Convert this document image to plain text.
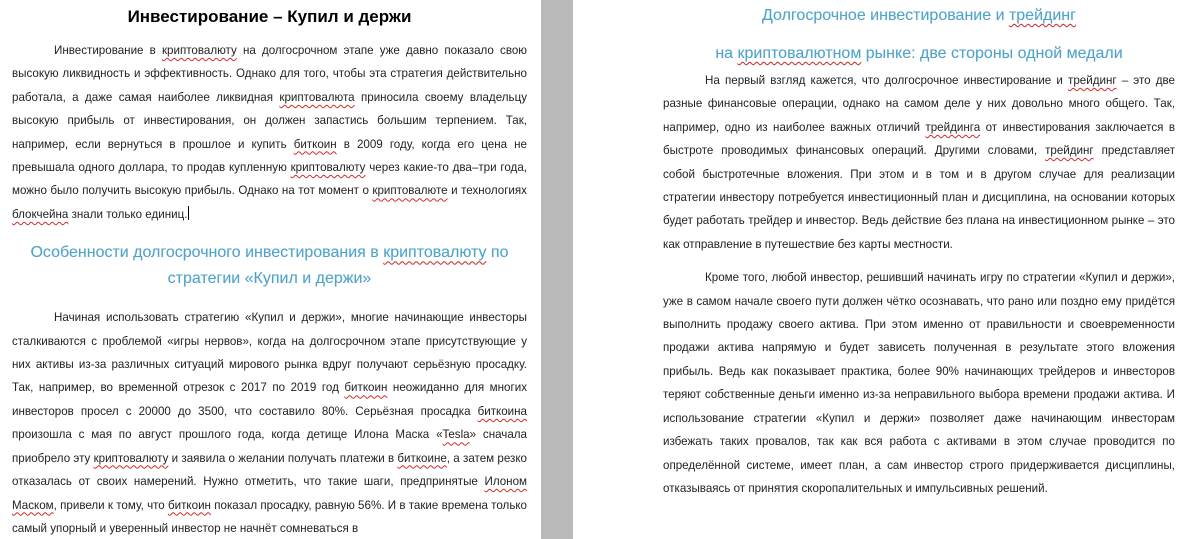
Инвестирование – Купил и держи

Инвестирование в криптовалюту на долгосрочном этапе уже давно показало свою высокую ликвидность и эффективность. Однако для того, чтобы эта стратегия действительно работала, а даже самая наиболее ликвидная криптовалюта приносила своему владельцу высокую прибыль от инвестирования, он должен запастись большим терпением. Так, например, если вернуться в прошлое и купить биткоин в 2009 году, когда его цена не превышала одного доллара, то продав купленную криптовалюту через какие-то два–три года, можно было получить высокую прибыль. Однако на тот момент о криптовалюте и технологиях блокчейна знали только единиц.

Особенности долгосрочного инвестирования в криптовалюту по

стратегии «Купил и держи»

Начиная использовать стратегию «Купил и держи», многие начинающие инвесторы сталкиваются с проблемой «игры нервов», когда на долгосрочном этапе присутствующие у них активы из-за различных ситуаций мирового рынка вдруг получают серьёзную просадку. Так, например, во временной отрезок с 2017 по 2019 год биткоин неожиданно для многих инвесторов просел с 20000 до 3500, что составило 80%. Серьёзная просадка биткоина произошла с мая по август прошлого года, когда детище Илона Маска «Tesla» сначала приобрело эту криптовалюту и заявила о желании получать платежи в биткоине, а затем резко отказалась от своих намерений. Нужно отметить, что такие шаги, предпринятые Илоном Маском, привели к тому, что биткоин показал просадку, равную 56%. И в такие времена только самый упорный и уверенный инвестор не начнёт сомневаться в

Долгосрочное инвестирование и трейдинг

на криптовалютном рынке: две стороны одной медали

На первый взгляд кажется, что долгосрочное инвестирование и трейдинг – это две разные финансовые операции, однако на самом деле у них довольно много общего. Так, например, одно из наиболее важных отличий трейдинга от инвестирования заключается в быстроте проводимых финансовых операций. Другими словами, трейдинг представляет собой быстротечные вложения. При этом и в том и в другом случае для реализации стратегии инвестору потребуется инвестиционный план и дисциплина, на основании которых будет работать трейдер и инвестор. Ведь действие без плана на инвестиционном рынке – это как отправление в путешествие без карты местности.

Кроме того, любой инвестор, решивший начинать игру по стратегии «Купил и держи», уже в самом начале своего пути должен чётко осознавать, что рано или поздно ему придётся выполнить продажу своего актива. При этом именно от правильности и своевременности продажи актива напрямую и будет зависеть полученная в результате этого вложения прибыль. Ведь как показывает практика, более 90% начинающих трейдеров и инвесторов теряют собственные деньги именно из-за неправильного выбора времени продажи актива. И использование стратегии «Купил и держи» позволяет даже начинающим инвесторам избежать таких провалов, так как вся работа с активами в этом случае проводится по определённой системе, имеет план, а сам инвестор строго придерживается дисциплины, отказываясь от принятия скоропалительных и импульсивных решений.
